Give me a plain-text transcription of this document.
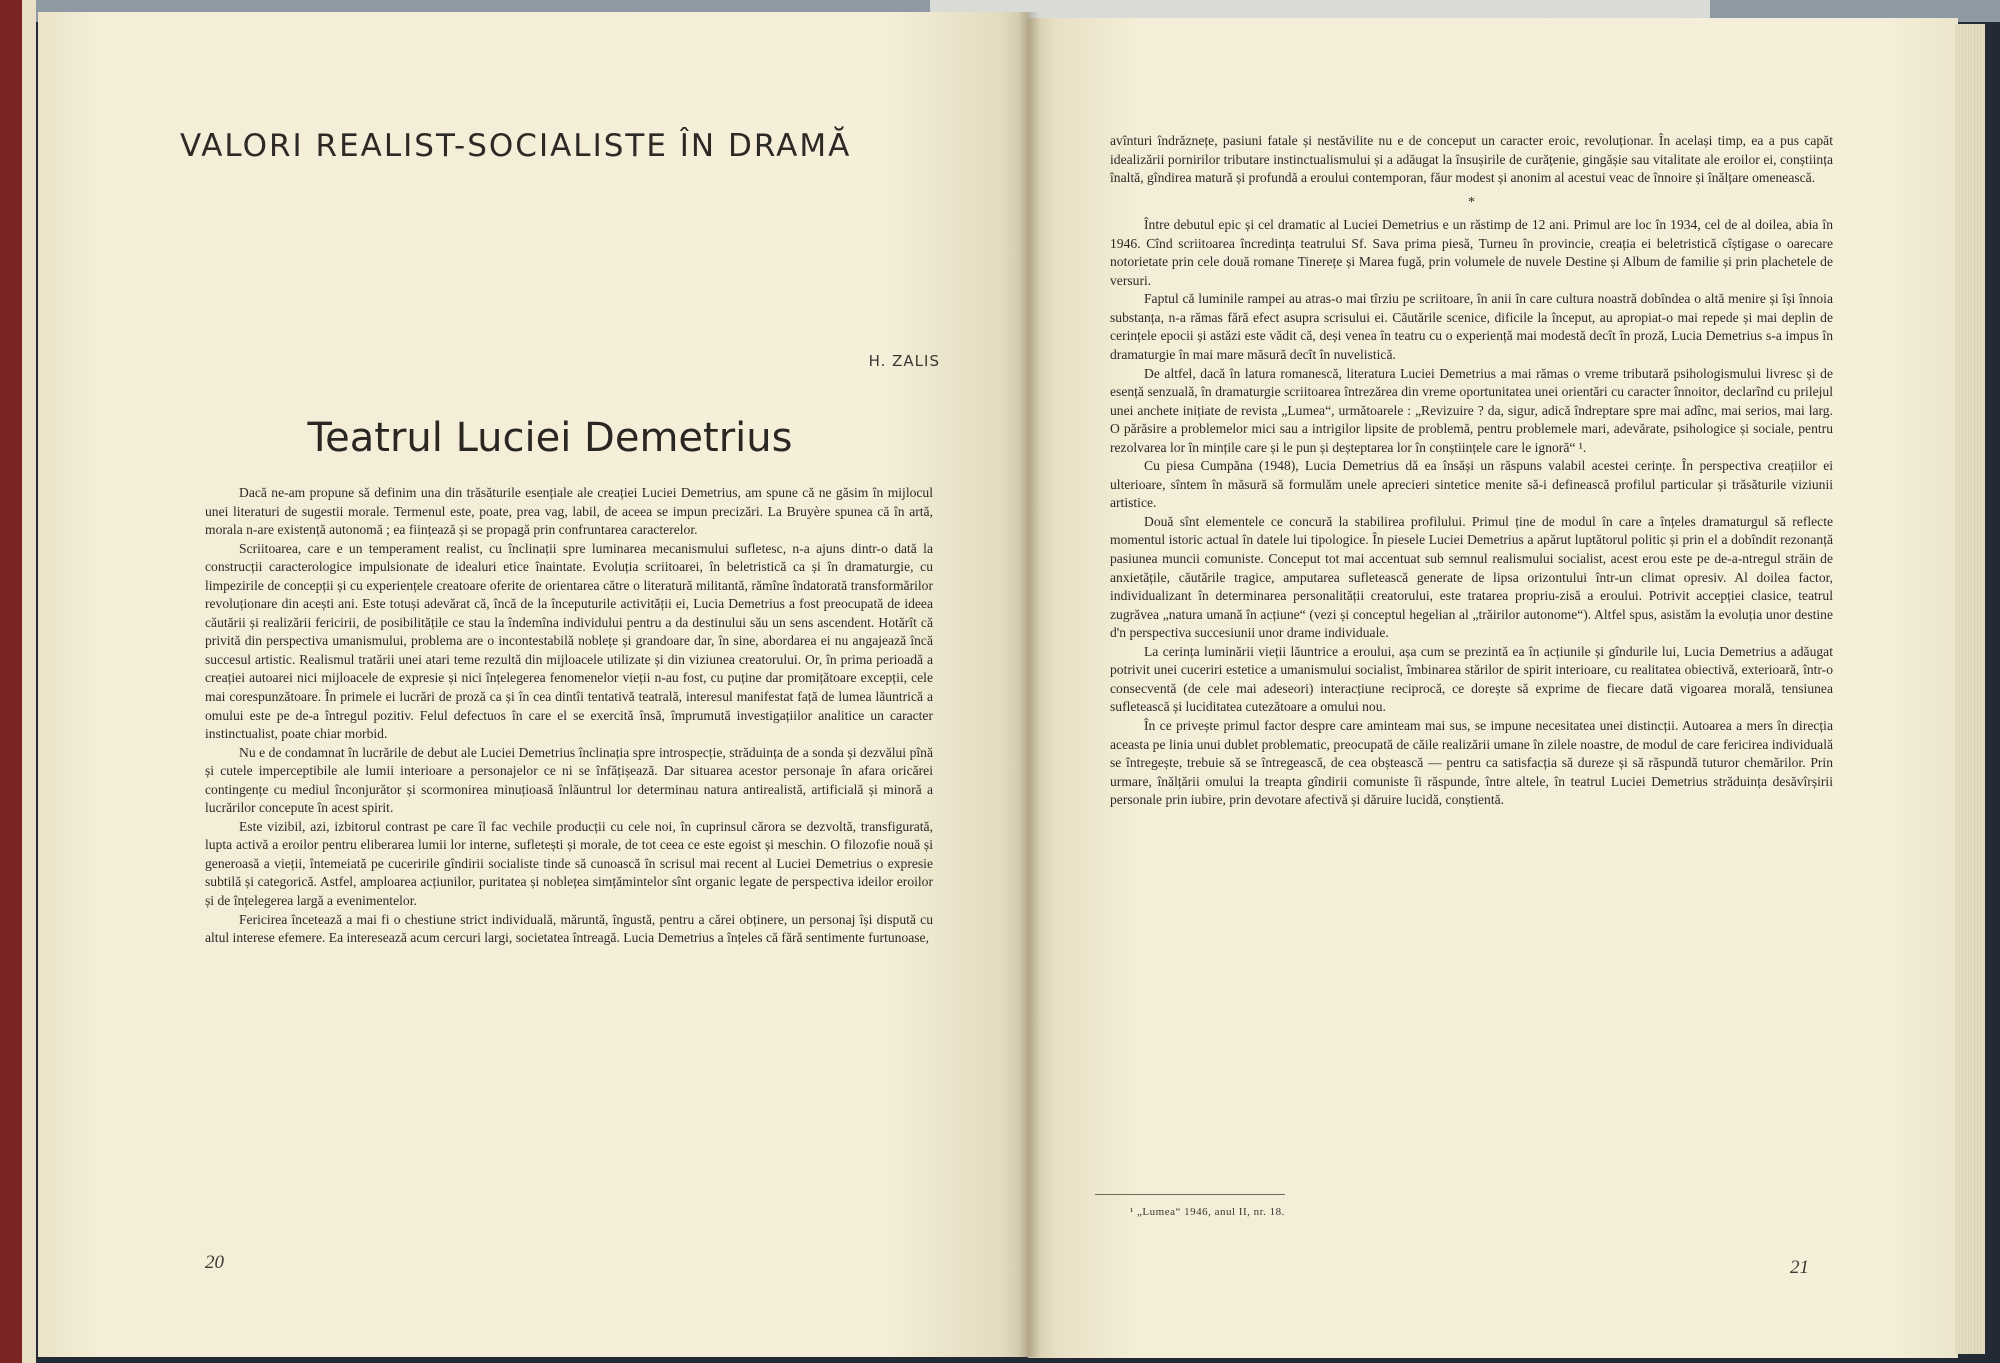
VALORI REALIST-SOCIALISTE ÎN DRAMĂ
H. ZALIS
Teatrul Luciei Demetrius

Dacă ne-am propune să definim una din trăsăturile esențiale ale creației Luciei Demetrius, am spune că ne găsim în mijlocul unei literaturi de sugestii morale. Termenul este, poate, prea vag, labil, de aceea se impun precizări. La Bruyère spunea că în artă, morala n-are existență autonomă ; ea ființează și se propagă prin confruntarea caracterelor.

Scriitoarea, care e un temperament realist, cu înclinații spre luminarea mecanismului sufletesc, n-a ajuns dintr-o dată la construcții caracterologice impulsionate de idealuri etice înaintate. Evoluția scriitoarei, în beletristică ca și în dramaturgie, cu limpezirile de concepții și cu experiențele creatoare oferite de orientarea către o literatură militantă, rămîne îndatorată transformărilor revoluționare din acești ani. Este totuși adevărat că, încă de la începuturile activității ei, Lucia Demetrius a fost preocupată de ideea căutării și realizării fericirii, de posibilitățile ce stau la îndemîna individului pentru a da destinului său un sens ascendent. Hotărît că privită din perspectiva umanismului, problema are o incontestabilă noblețe și grandoare dar, în sine, abordarea ei nu angajează încă succesul artistic. Realismul tratării unei atari teme rezultă din mijloacele utilizate și din viziunea creatorului. Or, în prima perioadă a creației autoarei nici mijloacele de expresie și nici înțelegerea fenomenelor vieții n-au fost, cu puține dar promițătoare excepții, cele mai corespunzătoare. În primele ei lucrări de proză ca și în cea dintîi tentativă teatrală, interesul manifestat față de lumea lăuntrică a omului este pe de-a întregul pozitiv. Felul defectuos în care el se exercită însă, împrumută investigațiilor analitice un caracter instinctualist, poate chiar morbid.

Nu e de condamnat în lucrările de debut ale Luciei Demetrius înclinația spre introspecție, străduința de a sonda și dezvălui pînă și cutele imperceptibile ale lumii interioare a personajelor ce ni se înfățișează. Dar situarea acestor personaje în afara oricărei contingențe cu mediul înconjurător și scormonirea minuțioasă înlăuntrul lor determinau natura antirealistă, artificială și minoră a lucrărilor concepute în acest spirit.

Este vizibil, azi, izbitorul contrast pe care îl fac vechile producții cu cele noi, în cuprinsul cărora se dezvoltă, transfigurată, lupta activă a eroilor pentru eliberarea lumii lor interne, sufletești și morale, de tot ceea ce este egoist și meschin. O filozofie nouă și generoasă a vieții, întemeiată pe cuceririle gîndirii socialiste tinde să cunoască în scrisul mai recent al Luciei Demetrius o expresie subtilă și categorică. Astfel, amploarea acțiunilor, puritatea și noblețea simțămintelor sînt organic legate de perspectiva ideilor eroilor și de înțelegerea largă a evenimentelor.

Fericirea încetează a mai fi o chestiune strict individuală, măruntă, îngustă, pentru a cărei obținere, un personaj își dispută cu altul interese efemere. Ea interesează acum cercuri largi, societatea întreagă. Lucia Demetrius a înțeles că fără sentimente furtunoase,

20

avînturi îndrăznețe, pasiuni fatale și nestăvilite nu e de conceput un caracter eroic, revoluționar. În același timp, ea a pus capăt idealizării pornirilor tributare instinctualismului și a adăugat la însușirile de curățenie, gingășie sau vitalitate ale eroilor ei, conștiința înaltă, gîndirea matură și profundă a eroului contemporan, făur modest și anonim al acestui veac de înnoire și înălțare omenească.

*

Între debutul epic și cel dramatic al Luciei Demetrius e un răstimp de 12 ani. Primul are loc în 1934, cel de al doilea, abia în 1946. Cînd scriitoarea încredința teatrului Sf. Sava prima piesă, Turneu în provincie, creația ei beletristică cîștigase o oarecare notorietate prin cele două romane Tinerețe și Marea fugă, prin volumele de nuvele Destine și Album de familie și prin plachetele de versuri.

Faptul că luminile rampei au atras-o mai tîrziu pe scriitoare, în anii în care cultura noastră dobîndea o altă menire și își înnoia substanța, n-a rămas fără efect asupra scrisului ei. Căutările scenice, dificile la început, au apropiat-o mai repede și mai deplin de cerințele epocii și astăzi este vădit că, deși venea în teatru cu o experiență mai modestă decît în proză, Lucia Demetrius s-a impus în dramaturgie în mai mare măsură decît în nuvelistică.

De altfel, dacă în latura romanescă, literatura Luciei Demetrius a mai rămas o vreme tributară psihologismului livresc și de esență senzuală, în dramaturgie scriitoarea întrezărea din vreme oportunitatea unei orientări cu caracter înnoitor, declarînd cu prilejul unei anchete inițiate de revista „Lumea“, următoarele : „Revizuire ? da, sigur, adică îndreptare spre mai adînc, mai serios, mai larg. O părăsire a problemelor mici sau a intrigilor lipsite de problemă, pentru problemele mari, adevărate, psihologice și sociale, pentru rezolvarea lor în mințile care și le pun și deșteptarea lor în conștiințele care le ignoră“ ¹.

Cu piesa Cumpăna (1948), Lucia Demetrius dă ea însăși un răspuns valabil acestei cerințe. În perspectiva creațiilor ei ulterioare, sîntem în măsură să formulăm unele aprecieri sintetice menite să-i definească profilul particular și trăsăturile viziunii artistice.

Două sînt elementele ce concură la stabilirea profilului. Primul ține de modul în care a înțeles dramaturgul să reflecte momentul istoric actual în datele lui tipologice. În piesele Luciei Demetrius a apărut luptătorul politic și prin el a dobîndit rezonanță pasiunea muncii comuniste. Conceput tot mai accentuat sub semnul realismului socialist, acest erou este pe de-a-ntregul străin de anxietățile, căutările tragice, amputarea sufletească generate de lipsa orizontului într-un climat opresiv. Al doilea factor, individualizant în determinarea personalității creatorului, este tratarea propriu-zisă a eroului. Potrivit accepției clasice, teatrul zugrăvea „natura umană în acțiune“ (vezi și conceptul hegelian al „trăirilor autonome“). Altfel spus, asistăm la evoluția unor destine d'n perspectiva succesiunii unor drame individuale.

La cerința luminării vieții lăuntrice a eroului, așa cum se prezintă ea în acțiunile și gîndurile lui, Lucia Demetrius a adăugat potrivit unei cuceriri estetice a umanismului socialist, îmbinarea stărilor de spirit interioare, cu realitatea obiectivă, exterioară, într-o consecventă (de cele mai adeseori) interacțiune reciprocă, ce dorește să exprime de fiecare dată vigoarea morală, tensiunea sufletească și luciditatea cutezătoare a omului nou.

În ce privește primul factor despre care aminteam mai sus, se impune necesitatea unei distincții. Autoarea a mers în direcția aceasta pe linia unui dublet problematic, preocupată de căile realizării umane în zilele noastre, de modul de care fericirea individuală se întregește, trebuie să se întregească, de cea obștească — pentru ca satisfacția să dureze și să răspundă tuturor chemărilor. Prin urmare, înălțării omului la treapta gîndirii comuniste îi răspunde, între altele, în teatrul Luciei Demetrius străduința desăvîrșirii personale prin iubire, prin devotare afectivă și dăruire lucidă, conștientă.

¹ „Lumea“ 1946, anul II, nr. 18.
21
